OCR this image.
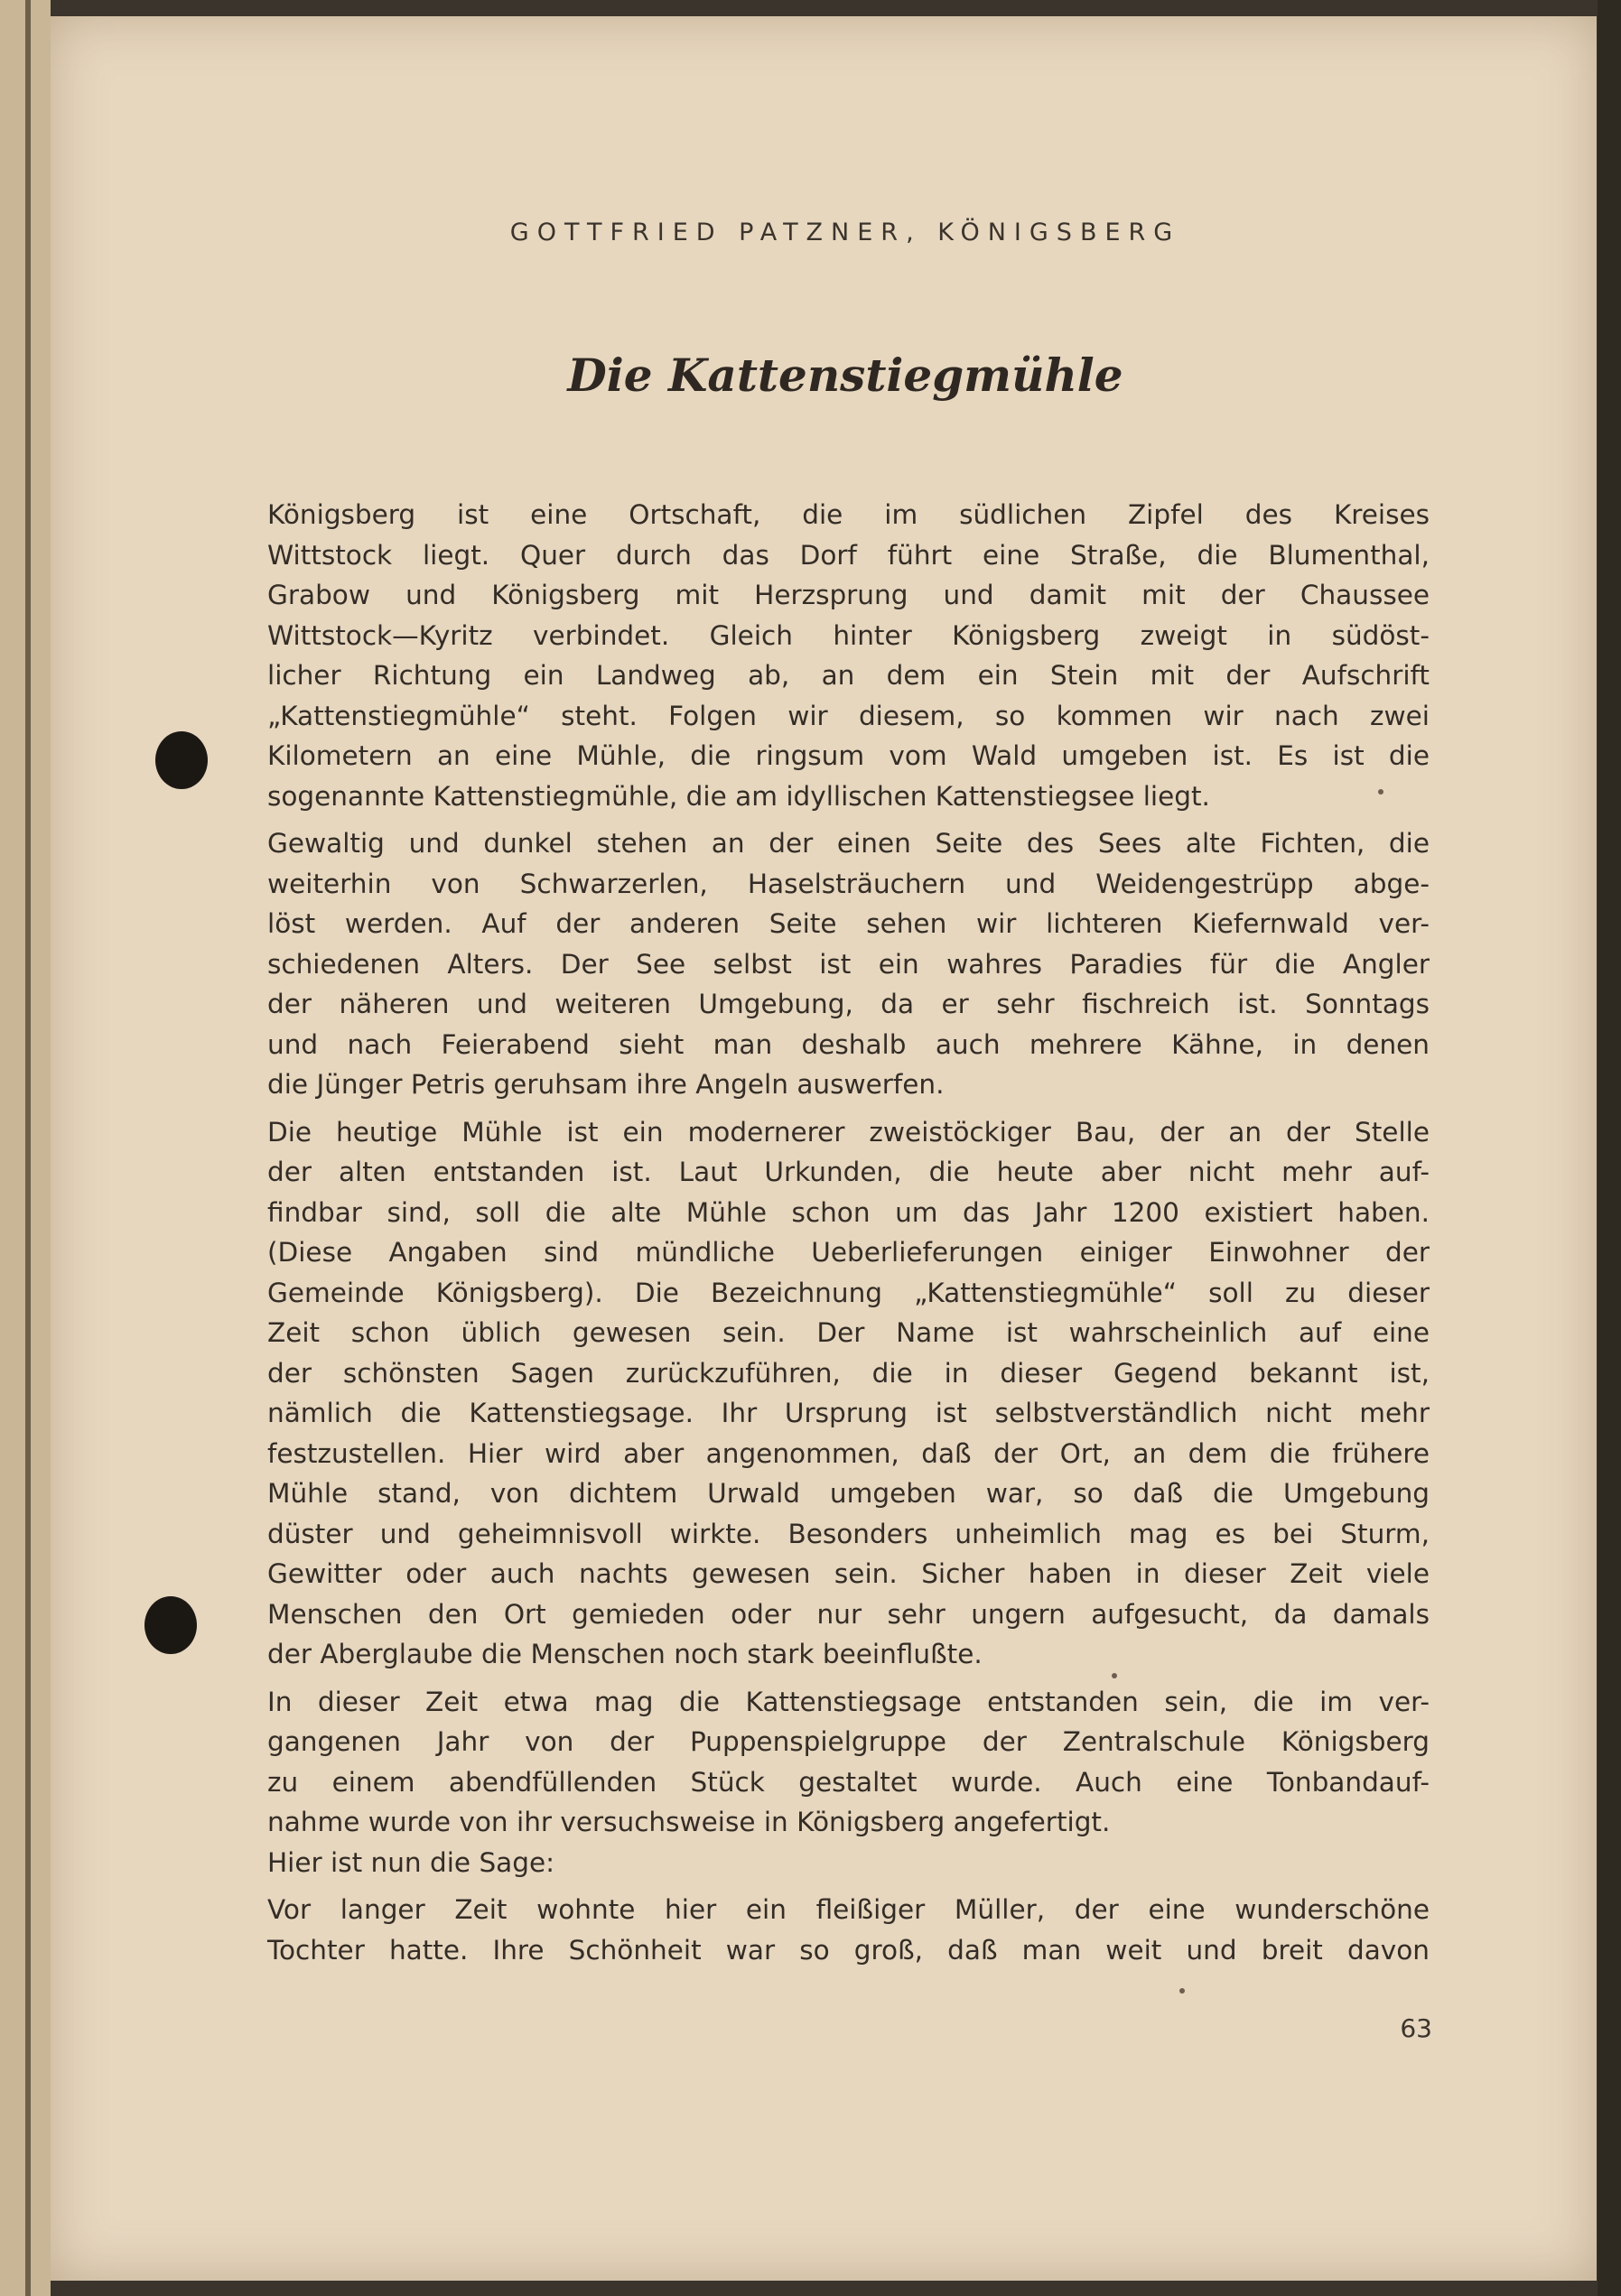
GOTTFRIED PATZNER, KÖNIGSBERG
Die Kattenstiegmühle

Königsberg ist eine Ortschaft, die im südlichen Zipfel des Kreises
Wittstock liegt. Quer durch das Dorf führt eine Straße, die Blumenthal,
Grabow und Königsberg mit Herzsprung und damit mit der Chaussee
Wittstock—Kyritz verbindet. Gleich hinter Königsberg zweigt in südöst-
licher Richtung ein Landweg ab, an dem ein Stein mit der Aufschrift
„Kattenstiegmühle“ steht. Folgen wir diesem, so kommen wir nach zwei
Kilometern an eine Mühle, die ringsum vom Wald umgeben ist. Es ist die
sogenannte Kattenstiegmühle, die am idyllischen Kattenstiegsee liegt.

Gewaltig und dunkel stehen an der einen Seite des Sees alte Fichten, die
weiterhin von Schwarzerlen, Haselsträuchern und Weidengestrüpp abge-
löst werden. Auf der anderen Seite sehen wir lichteren Kiefernwald ver-
schiedenen Alters. Der See selbst ist ein wahres Paradies für die Angler
der näheren und weiteren Umgebung, da er sehr fischreich ist. Sonntags
und nach Feierabend sieht man deshalb auch mehrere Kähne, in denen
die Jünger Petris geruhsam ihre Angeln auswerfen.

Die heutige Mühle ist ein modernerer zweistöckiger Bau, der an der Stelle
der alten entstanden ist. Laut Urkunden, die heute aber nicht mehr auf-
findbar sind, soll die alte Mühle schon um das Jahr 1200 existiert haben.
(Diese Angaben sind mündliche Ueberlieferungen einiger Einwohner der
Gemeinde Königsberg). Die Bezeichnung „Kattenstiegmühle“ soll zu dieser
Zeit schon üblich gewesen sein. Der Name ist wahrscheinlich auf eine
der schönsten Sagen zurückzuführen, die in dieser Gegend bekannt ist,
nämlich die Kattenstiegsage. Ihr Ursprung ist selbstverständlich nicht mehr
festzustellen. Hier wird aber angenommen, daß der Ort, an dem die frühere
Mühle stand, von dichtem Urwald umgeben war, so daß die Umgebung
düster und geheimnisvoll wirkte. Besonders unheimlich mag es bei Sturm,
Gewitter oder auch nachts gewesen sein. Sicher haben in dieser Zeit viele
Menschen den Ort gemieden oder nur sehr ungern aufgesucht, da damals
der Aberglaube die Menschen noch stark beeinflußte.

In dieser Zeit etwa mag die Kattenstiegsage entstanden sein, die im ver-
gangenen Jahr von der Puppenspielgruppe der Zentralschule Königsberg
zu einem abendfüllenden Stück gestaltet wurde. Auch eine Tonbandauf-
nahme wurde von ihr versuchsweise in Königsberg angefertigt.
Hier ist nun die Sage:

Vor langer Zeit wohnte hier ein fleißiger Müller, der eine wunderschöne
Tochter hatte. Ihre Schönheit war so groß, daß man weit und breit davon

63
